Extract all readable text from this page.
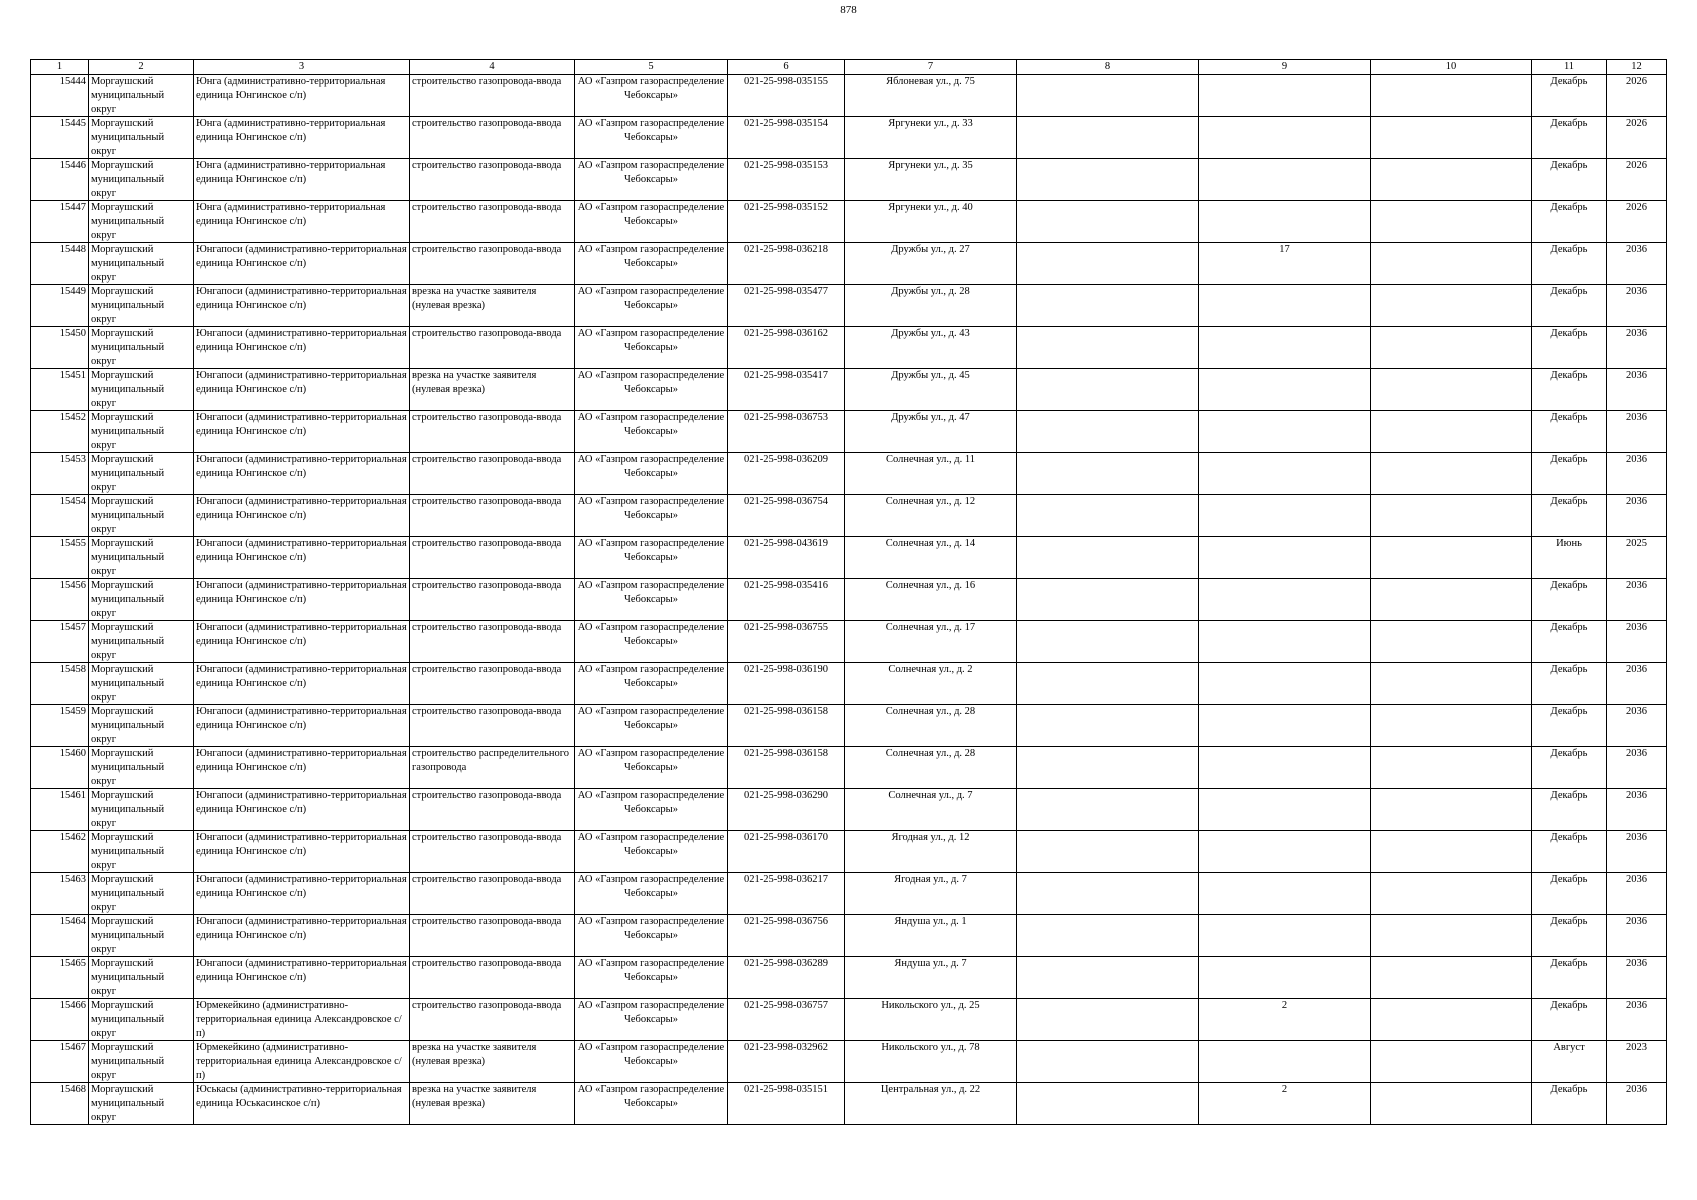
878
1	2	3	4	5	6	7	8	9	10	11	12

15444	Моргаушский муниципальный округ	Юнга (административно-территориальная единица Юнгинское с/п)	строительство газопровода-ввода	АО «Газпром газораспределение Чебоксары»	021-25-998-035155	Яблоневая ул., д. 75				Декабрь	2026

15445	Моргаушский муниципальный округ	Юнга (административно-территориальная единица Юнгинское с/п)	строительство газопровода-ввода	АО «Газпром газораспределение Чебоксары»	021-25-998-035154	Яргунеки ул., д. 33				Декабрь	2026

15446	Моргаушский муниципальный округ	Юнга (административно-территориальная единица Юнгинское с/п)	строительство газопровода-ввода	АО «Газпром газораспределение Чебоксары»	021-25-998-035153	Яргунеки ул., д. 35				Декабрь	2026

15447	Моргаушский муниципальный округ	Юнга (административно-территориальная единица Юнгинское с/п)	строительство газопровода-ввода	АО «Газпром газораспределение Чебоксары»	021-25-998-035152	Яргунеки ул., д. 40				Декабрь	2026

15448	Моргаушский муниципальный округ	Юнгапоси (административно-территориальная единица Юнгинское с/п)	строительство газопровода-ввода	АО «Газпром газораспределение Чебоксары»	021-25-998-036218	Дружбы ул., д. 27		17		Декабрь	2036

15449	Моргаушский муниципальный округ	Юнгапоси (административно-территориальная единица Юнгинское с/п)	врезка на участке заявителя (нулевая врезка)	АО «Газпром газораспределение Чебоксары»	021-25-998-035477	Дружбы ул., д. 28				Декабрь	2036

15450	Моргаушский муниципальный округ	Юнгапоси (административно-территориальная единица Юнгинское с/п)	строительство газопровода-ввода	АО «Газпром газораспределение Чебоксары»	021-25-998-036162	Дружбы ул., д. 43				Декабрь	2036

15451	Моргаушский муниципальный округ	Юнгапоси (административно-территориальная единица Юнгинское с/п)	врезка на участке заявителя (нулевая врезка)	АО «Газпром газораспределение Чебоксары»	021-25-998-035417	Дружбы ул., д. 45				Декабрь	2036

15452	Моргаушский муниципальный округ	Юнгапоси (административно-территориальная единица Юнгинское с/п)	строительство газопровода-ввода	АО «Газпром газораспределение Чебоксары»	021-25-998-036753	Дружбы ул., д. 47				Декабрь	2036

15453	Моргаушский муниципальный округ	Юнгапоси (административно-территориальная единица Юнгинское с/п)	строительство газопровода-ввода	АО «Газпром газораспределение Чебоксары»	021-25-998-036209	Солнечная ул., д. 11				Декабрь	2036

15454	Моргаушский муниципальный округ	Юнгапоси (административно-территориальная единица Юнгинское с/п)	строительство газопровода-ввода	АО «Газпром газораспределение Чебоксары»	021-25-998-036754	Солнечная ул., д. 12				Декабрь	2036

15455	Моргаушский муниципальный округ	Юнгапоси (административно-территориальная единица Юнгинское с/п)	строительство газопровода-ввода	АО «Газпром газораспределение Чебоксары»	021-25-998-043619	Солнечная ул., д. 14				Июнь	2025

15456	Моргаушский муниципальный округ	Юнгапоси (административно-территориальная единица Юнгинское с/п)	строительство газопровода-ввода	АО «Газпром газораспределение Чебоксары»	021-25-998-035416	Солнечная ул., д. 16				Декабрь	2036

15457	Моргаушский муниципальный округ	Юнгапоси (административно-территориальная единица Юнгинское с/п)	строительство газопровода-ввода	АО «Газпром газораспределение Чебоксары»	021-25-998-036755	Солнечная ул., д. 17				Декабрь	2036

15458	Моргаушский муниципальный округ	Юнгапоси (административно-территориальная единица Юнгинское с/п)	строительство газопровода-ввода	АО «Газпром газораспределение Чебоксары»	021-25-998-036190	Солнечная ул., д. 2				Декабрь	2036

15459	Моргаушский муниципальный округ	Юнгапоси (административно-территориальная единица Юнгинское с/п)	строительство газопровода-ввода	АО «Газпром газораспределение Чебоксары»	021-25-998-036158	Солнечная ул., д. 28				Декабрь	2036

15460	Моргаушский муниципальный округ	Юнгапоси (административно-территориальная единица Юнгинское с/п)	строительство распределительного газопровода	АО «Газпром газораспределение Чебоксары»	021-25-998-036158	Солнечная ул., д. 28				Декабрь	2036

15461	Моргаушский муниципальный округ	Юнгапоси (административно-территориальная единица Юнгинское с/п)	строительство газопровода-ввода	АО «Газпром газораспределение Чебоксары»	021-25-998-036290	Солнечная ул., д. 7				Декабрь	2036

15462	Моргаушский муниципальный округ	Юнгапоси (административно-территориальная единица Юнгинское с/п)	строительство газопровода-ввода	АО «Газпром газораспределение Чебоксары»	021-25-998-036170	Ягодная ул., д. 12				Декабрь	2036

15463	Моргаушский муниципальный округ	Юнгапоси (административно-территориальная единица Юнгинское с/п)	строительство газопровода-ввода	АО «Газпром газораспределение Чебоксары»	021-25-998-036217	Ягодная ул., д. 7				Декабрь	2036

15464	Моргаушский муниципальный округ	Юнгапоси (административно-территориальная единица Юнгинское с/п)	строительство газопровода-ввода	АО «Газпром газораспределение Чебоксары»	021-25-998-036756	Яндуша ул., д. 1				Декабрь	2036

15465	Моргаушский муниципальный округ	Юнгапоси (административно-территориальная единица Юнгинское с/п)	строительство газопровода-ввода	АО «Газпром газораспределение Чебоксары»	021-25-998-036289	Яндуша ул., д. 7				Декабрь	2036

15466	Моргаушский муниципальный округ	Юрмекейкино (административно-территориальная единица Александровское с/п)	строительство газопровода-ввода	АО «Газпром газораспределение Чебоксары»	021-25-998-036757	Никольского ул., д. 25		2		Декабрь	2036

15467	Моргаушский муниципальный округ	Юрмекейкино (административно-территориальная единица Александровское с/п)	врезка на участке заявителя (нулевая врезка)	АО «Газпром газораспределение Чебоксары»	021-23-998-032962	Никольского ул., д. 78				Август	2023

15468	Моргаушский муниципальный округ	Юськасы (административно-территориальная единица Юськасинское с/п)	врезка на участке заявителя (нулевая врезка)	АО «Газпром газораспределение Чебоксары»	021-25-998-035151	Центральная ул., д. 22		2		Декабрь	2036
